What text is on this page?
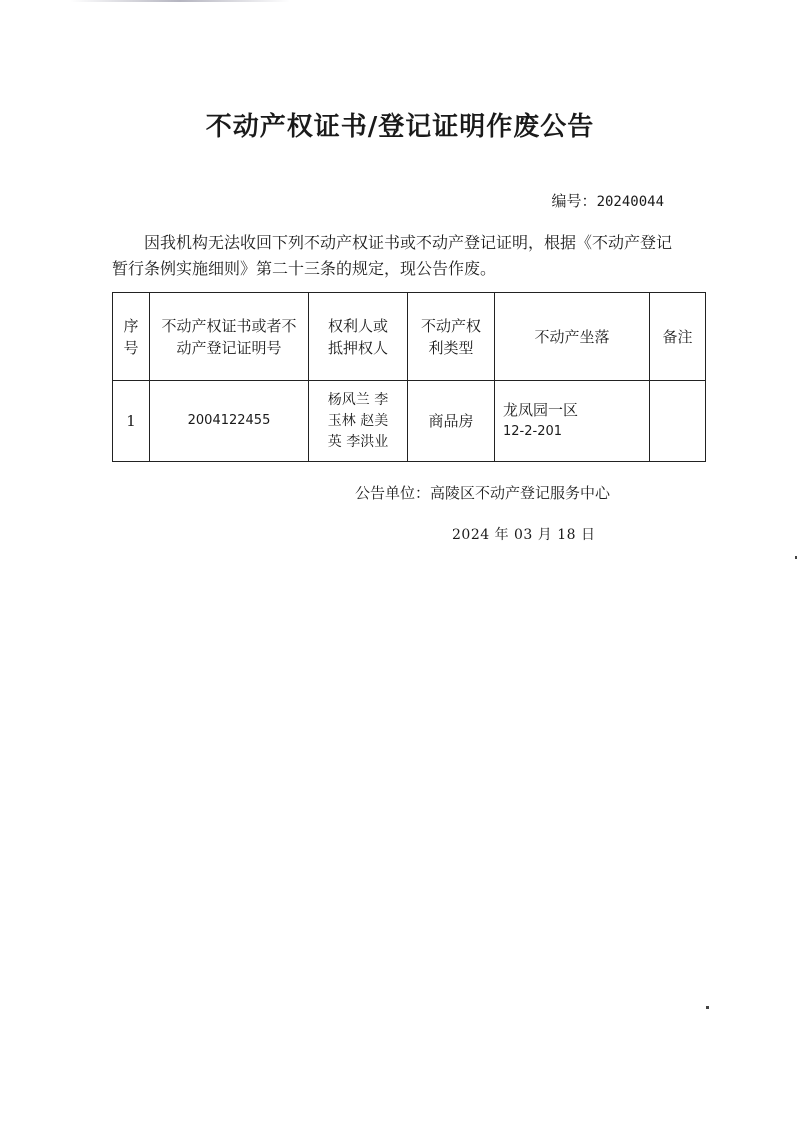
不动产权证书/登记证明作废公告
编号：20240044
因我机构无法收回下列不动产权证书或不动产登记证明，根据《不动产登记暂行条例实施细则》第二十三条的规定，现公告作废。
序号	不动产权证书或者不动产登记证明号	权利人或抵押权人	不动产权利类型	不动产坐落	备注
1	2004122455	杨风兰 李玉林 赵美英 李洪业	商品房	龙凤园一区
12-2-201	

公告单位：高陵区不动产登记服务中心
2024 年 03 月 18 日
